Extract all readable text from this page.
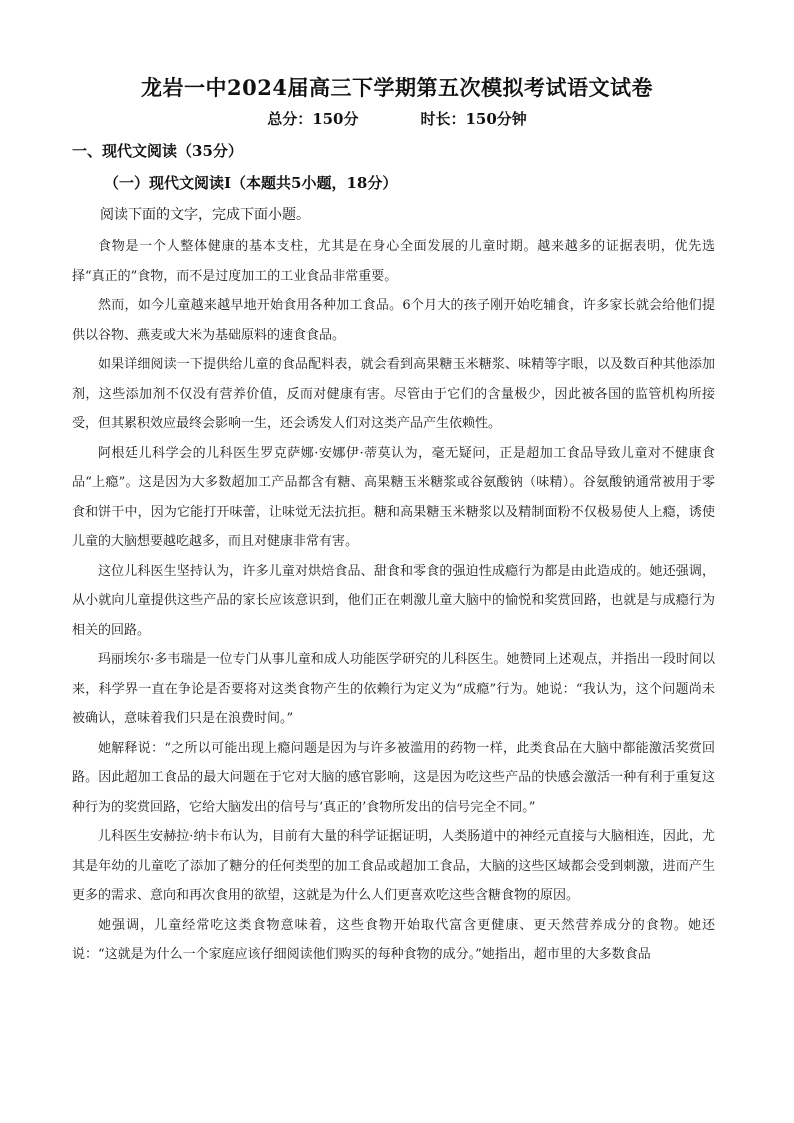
龙岩一中2024届高三下学期第五次模拟考试语文试卷
总分：150分	时长：150分钟
一、现代文阅读（35分）
（一）现代文阅读Ⅰ（本题共5小题，18分）
阅读下面的文字，完成下面小题。

食物是一个人整体健康的基本支柱，尤其是在身心全面发展的儿童时期。越来越多的证据表明，优先选择“真正的”食物，而不是过度加工的工业食品非常重要。

然而，如今儿童越来越早地开始食用各种加工食品。6个月大的孩子刚开始吃辅食，许多家长就会给他们提供以谷物、燕麦或大米为基础原料的速食食品。

如果详细阅读一下提供给儿童的食品配料表，就会看到高果糖玉米糖浆、味精等字眼，以及数百种其他添加剂，这些添加剂不仅没有营养价值，反而对健康有害。尽管由于它们的含量极少，因此被各国的监管机构所接受，但其累积效应最终会影响一生，还会诱发人们对这类产品产生依赖性。

阿根廷儿科学会的儿科医生罗克萨娜·安娜伊·蒂莫认为，毫无疑问，正是超加工食品导致儿童对不健康食品“上瘾”。这是因为大多数超加工产品都含有糖、高果糖玉米糖浆或谷氨酸钠（味精）。谷氨酸钠通常被用于零食和饼干中，因为它能打开味蕾，让味觉无法抗拒。糖和高果糖玉米糖浆以及精制面粉不仅极易使人上瘾，诱使儿童的大脑想要越吃越多，而且对健康非常有害。

这位儿科医生坚持认为，许多儿童对烘焙食品、甜食和零食的强迫性成瘾行为都是由此造成的。她还强调，从小就向儿童提供这些产品的家长应该意识到，他们正在刺激儿童大脑中的愉悦和奖赏回路，也就是与成瘾行为相关的回路。

玛丽埃尔·多韦瑞是一位专门从事儿童和成人功能医学研究的儿科医生。她赞同上述观点，并指出一段时间以来，科学界一直在争论是否要将对这类食物产生的依赖行为定义为“成瘾”行为。她说：“我认为，这个问题尚未被确认，意味着我们只是在浪费时间。”

她解释说：“之所以可能出现上瘾问题是因为与许多被滥用的药物一样，此类食品在大脑中都能激活奖赏回路。因此超加工食品的最大问题在于它对大脑的感官影响，这是因为吃这些产品的快感会激活一种有利于重复这种行为的奖赏回路，它给大脑发出的信号与‘真正的’食物所发出的信号完全不同。”

儿科医生安赫拉·纳卡布认为，目前有大量的科学证据证明，人类肠道中的神经元直接与大脑相连，因此，尤其是年幼的儿童吃了添加了糖分的任何类型的加工食品或超加工食品，大脑的这些区域都会受到刺激，进而产生更多的需求、意向和再次食用的欲望，这就是为什么人们更喜欢吃这些含糖食物的原因。

她强调，儿童经常吃这类食物意味着，这些食物开始取代富含更健康、更天然营养成分的食物。她还说：“这就是为什么一个家庭应该仔细阅读他们购买的每种食物的成分。”她指出，超市里的大多数食品
